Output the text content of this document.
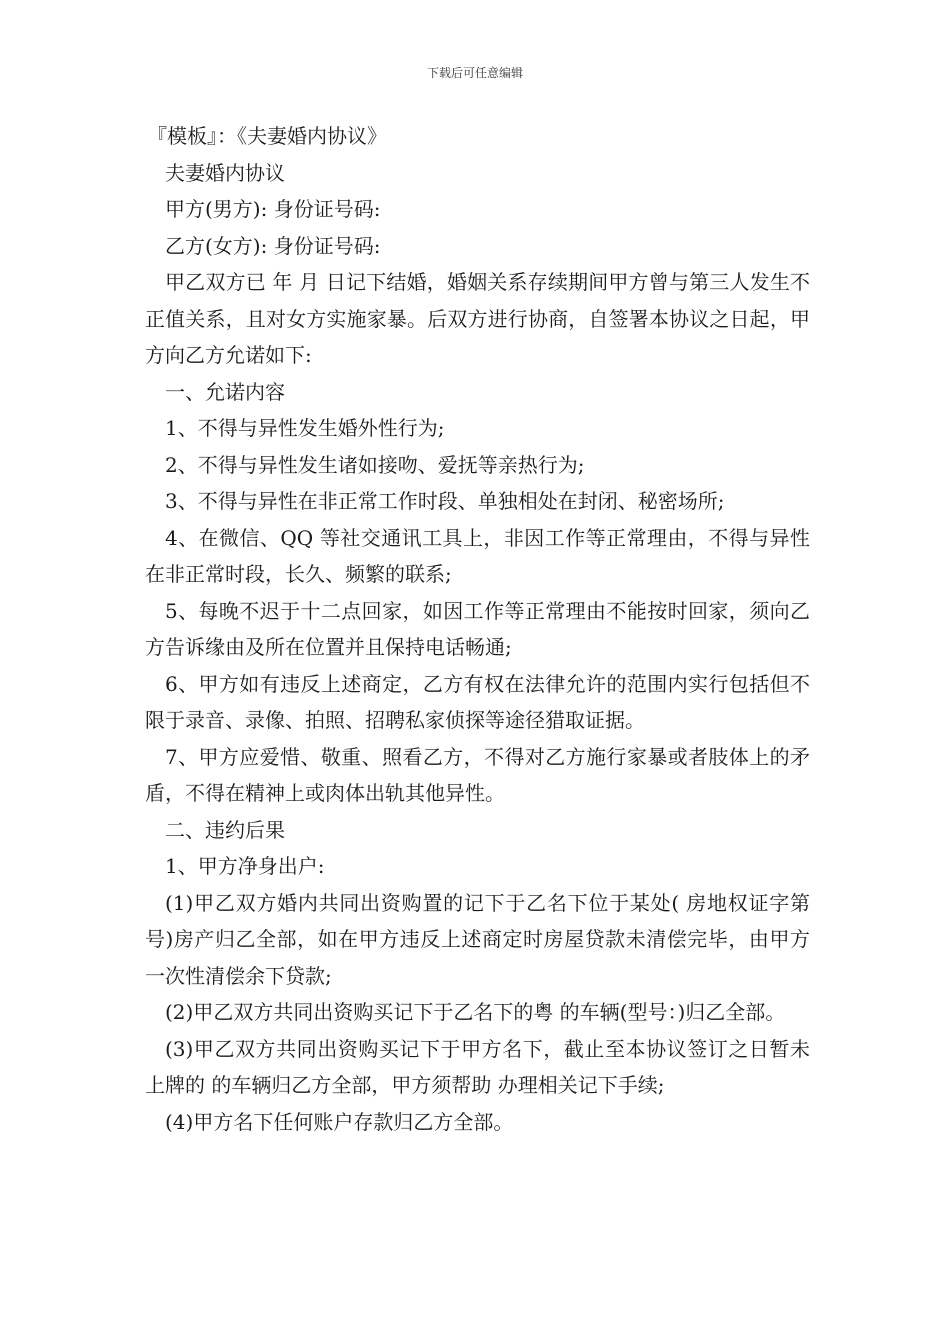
下载后可任意编辑

『模板』：《夫妻婚内协议》

夫妻婚内协议

甲方(男方): 身份证号码:

乙方(女方): 身份证号码:

甲乙双方已 年 月 日记下结婚，婚姻关系存续期间甲方曾与第三人发生不正值关系，且对女方实施家暴。后双方进行协商，自签署本协议之日起，甲方向乙方允诺如下:

一、允诺内容

1、不得与异性发生婚外性行为;

2、不得与异性发生诸如接吻、爱抚等亲热行为;

3、不得与异性在非正常工作时段、单独相处在封闭、秘密场所;

4、在微信、QQ 等社交通讯工具上，非因工作等正常理由，不得与异性在非正常时段，长久、频繁的联系;

5、每晚不迟于十二点回家，如因工作等正常理由不能按时回家，须向乙方告诉缘由及所在位置并且保持电话畅通;

6、甲方如有违反上述商定，乙方有权在法律允许的范围内实行包括但不限于录音、录像、拍照、招聘私家侦探等途径猎取证据。

7、甲方应爱惜、敬重、照看乙方，不得对乙方施行家暴或者肢体上的矛盾，不得在精神上或肉体出轨其他异性。

二、违约后果

1、甲方净身出户:

(1)甲乙双方婚内共同出资购置的记下于乙名下位于某处( 房地权证字第 号)房产归乙全部，如在甲方违反上述商定时房屋贷款未清偿完毕，由甲方一次性清偿余下贷款;

(2)甲乙双方共同出资购买记下于乙名下的粤 的车辆(型号：)归乙全部。

(3)甲乙双方共同出资购买记下于甲方名下，截止至本协议签订之日暂未上牌的 的车辆归乙方全部，甲方须帮助 办理相关记下手续;

(4)甲方名下任何账户存款归乙方全部。
